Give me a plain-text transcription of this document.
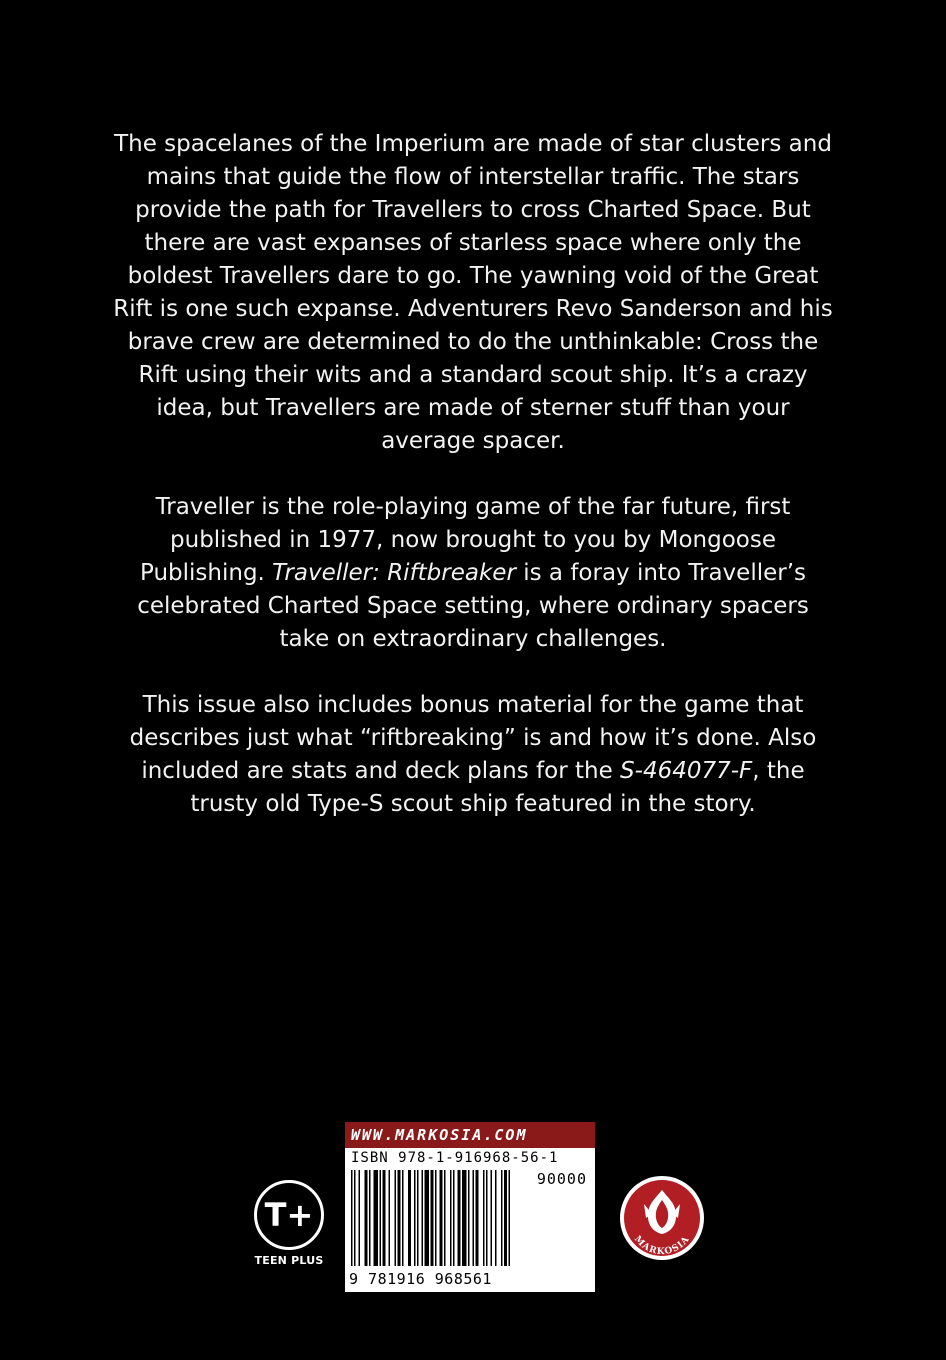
The spacelanes of the Imperium are made of star clusters and mains that guide the flow of interstellar traffic. The stars provide the path for Travellers to cross Charted Space. But there are vast expanses of starless space where only the boldest Travellers dare to go. The yawning void of the Great Rift is one such expanse. Adventurers Revo Sanderson and his brave crew are determined to do the unthinkable: Cross the Rift using their wits and a standard scout ship. It’s a crazy idea, but Travellers are made of sterner stuff than your average spacer.

Traveller is the role-playing game of the far future, first published in 1977, now brought to you by Mongoose Publishing. Traveller: Riftbreaker is a foray into Traveller’s celebrated Charted Space setting, where ordinary spacers take on extraordinary challenges.

This issue also includes bonus material for the game that describes just what “riftbreaking” is and how it’s done. Also included are stats and deck plans for the S-464077-F, the trusty old Type-S scout ship featured in the story.

T+
TEEN PLUS
WWW.MARKOSIA.COM
ISBN 978-1-916968-56-1
90000
9 781916 968561
MARKOSIA
